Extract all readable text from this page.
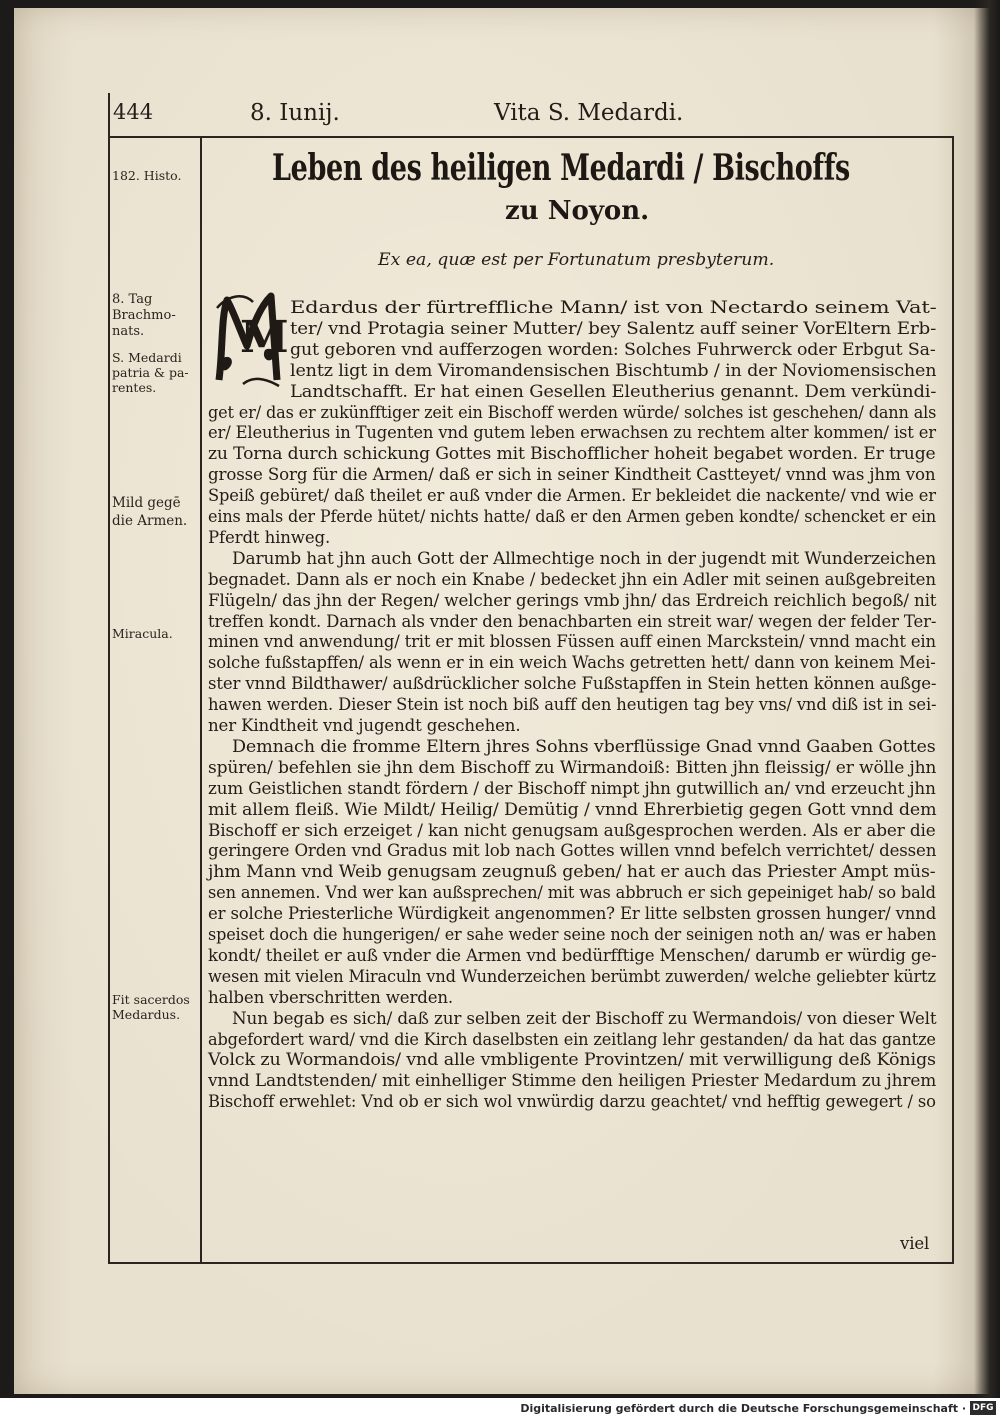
444	8. Iunij.	Vita S. Medardi.
182. Histo.
8. Tag
Brachmo-
nats.
S. Medardi
patria & pa-
rentes.
Mild gegē
die Armen.
Miracula.
Fit sacerdos
Medardus.
Leben des heiligen Medardi / Bischoffs
zu Noyon.
Ex ea, quæ est per Fortunatum presbyterum.
M
Edardus der fürtreffliche Mann/ ist von Nectardo seinem Vat-
ter/ vnd Protagia seiner Mutter/ bey Salentz auff seiner VorEltern Erb-
gut geboren vnd aufferzogen worden: Solches Fuhrwerck oder Erbgut Sa-
lentz ligt in dem Viromandensischen Bischtumb / in der Noviomensischen
Landtschafft. Er hat einen Gesellen Eleutherius genannt. Dem verkündi-
get er/ das er zukünfftiger zeit ein Bischoff werden würde/ solches ist geschehen/ dann als
er/ Eleutherius in Tugenten vnd gutem leben erwachsen zu rechtem alter kommen/ ist er
zu Torna durch schickung Gottes mit Bischofflicher hoheit begabet worden. Er truge
grosse Sorg für die Armen/ daß er sich in seiner Kindtheit Castteyet/ vnnd was jhm von
Speiß gebüret/ daß theilet er auß vnder die Armen. Er bekleidet die nackente/ vnd wie er
eins mals der Pferde hütet/ nichts hatte/ daß er den Armen geben kondte/ schencket er ein
Pferdt hinweg.
Darumb hat jhn auch Gott der Allmechtige noch in der jugendt mit Wunderzeichen
begnadet. Dann als er noch ein Knabe / bedecket jhn ein Adler mit seinen außgebreiten
Flügeln/ das jhn der Regen/ welcher gerings vmb jhn/ das Erdreich reichlich begoß/ nit
treffen kondt. Darnach als vnder den benachbarten ein streit war/ wegen der felder Ter-
minen vnd anwendung/ trit er mit blossen Füssen auff einen Marckstein/ vnnd macht ein
solche fußstapffen/ als wenn er in ein weich Wachs getretten hett/ dann von keinem Mei-
ster vnnd Bildthawer/ außdrücklicher solche Fußstapffen in Stein hetten können außge-
hawen werden. Dieser Stein ist noch biß auff den heutigen tag bey vns/ vnd diß ist in sei-
ner Kindtheit vnd jugendt geschehen.
Demnach die fromme Eltern jhres Sohns vberflüssige Gnad vnnd Gaaben Gottes
spüren/ befehlen sie jhn dem Bischoff zu Wirmandoiß: Bitten jhn fleissig/ er wölle jhn
zum Geistlichen standt fördern / der Bischoff nimpt jhn gutwillich an/ vnd erzeucht jhn
mit allem fleiß. Wie Mildt/ Heilig/ Demütig / vnnd Ehrerbietig gegen Gott vnnd dem
Bischoff er sich erzeiget / kan nicht genugsam außgesprochen werden. Als er aber die
geringere Orden vnd Gradus mit lob nach Gottes willen vnnd befelch verrichtet/ dessen
jhm Mann vnd Weib genugsam zeugnuß geben/ hat er auch das Priester Ampt müs-
sen annemen. Vnd wer kan außsprechen/ mit was abbruch er sich gepeiniget hab/ so bald
er solche Priesterliche Würdigkeit angenommen? Er litte selbsten grossen hunger/ vnnd
speiset doch die hungerigen/ er sahe weder seine noch der seinigen noth an/ was er haben
kondt/ theilet er auß vnder die Armen vnd bedürfftige Menschen/ darumb er würdig ge-
wesen mit vielen Miraculn vnd Wunderzeichen berümbt zuwerden/ welche geliebter kürtz
halben vberschritten werden.
Nun begab es sich/ daß zur selben zeit der Bischoff zu Wermandois/ von dieser Welt
abgefordert ward/ vnd die Kirch daselbsten ein zeitlang lehr gestanden/ da hat das gantze
Volck zu Wormandois/ vnd alle vmbligente Provintzen/ mit verwilligung deß Königs
vnnd Landtstenden/ mit einhelliger Stimme den heiligen Priester Medardum zu jhrem
Bischoff erwehlet: Vnd ob er sich wol vnwürdig darzu geachtet/ vnd hefftig gewegert / so
viel
Digitalisierung gefördert durch die Deutsche Forschungsgemeinschaft · DFG
